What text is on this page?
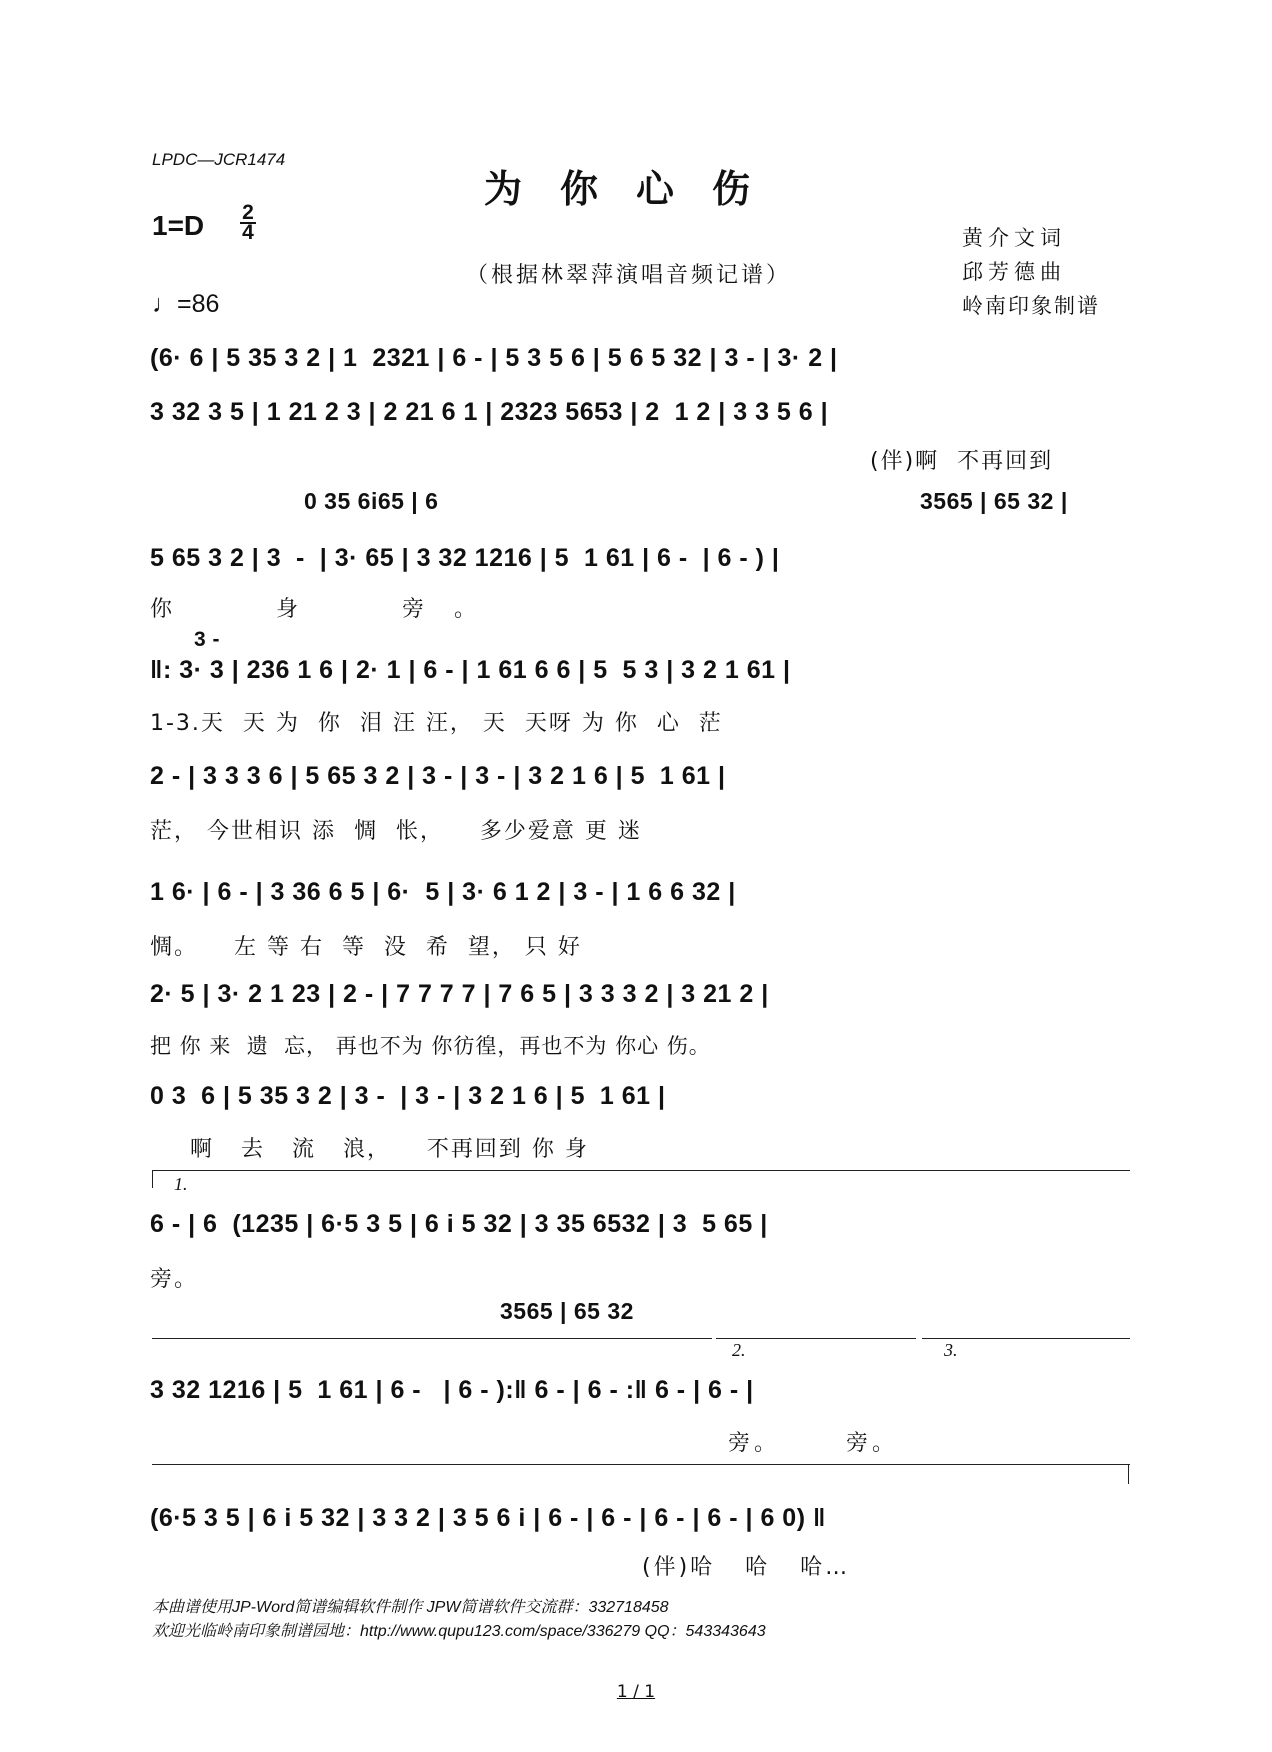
LPDC—JCR1474
为你心伤
1=D 2
4
♩=86
（根据林翠萍演唱音频记谱）
黄介文词
邱芳德曲
岭南印象制谱
(6· 6 | 5 35 3 2 | 1  2321 | 6 - | 5 3 5 6 | 5 6 5 32 | 3 - | 3· 2 |
3 32 3 5 | 1 21 2 3 | 2 21 6 1 | 2323 5653 | 2  1 2 | 3 3 5 6 |
(伴)啊  不再回到
0 35 6i65 | 6	3565 | 65 32 |
5 65 3 2 | 3  -  | 3· 65 | 3 32 1216 | 5  1 61 | 6 -  | 6 - ) |
你  身  旁。
3 -
‖: 3· 3 | 236 1 6 | 2· 1 | 6 - | 1 61 6 6 | 5  5 3 | 3 2 1 61 |
1-3.天  天 为  你  泪 汪 汪， 天  天呀 为 你  心  茫
2 - | 3 3 3 6 | 5 65 3 2 | 3 - | 3 - | 3 2 1 6 | 5  1 61 |
茫， 今世相识 添  惆  怅，    多少爱意 更 迷
1 6· | 6 - | 3 36 6 5 | 6·  5 | 3· 6 1 2 | 3 - | 1 6 6 32 |
惆。    左 等 右  等  没  希  望， 只 好
2· 5 | 3· 2 1 23 | 2 - | 7 7 7 7 | 7 6 5 | 3 3 3 2 | 3 21 2 |
把 你 来  遗  忘， 再也不为 你彷徨，再也不为 你心 伤。
0 3  6 | 5 35 3 2 | 3 -  | 3 - | 3 2 1 6 | 5  1 61 |
啊   去   流   浪，    不再回到 你 身
1.
6 - | 6  (1235 | 6·5 3 5 | 6 i 5 32 | 3 35 6532 | 3  5 65 |
旁。
3565 | 65 32
2.	3.
3 32 1216 | 5  1 61 | 6 -   | 6 - ):‖ 6 - | 6 - :‖ 6 - | 6 - |
旁。      旁。
(6·5 3 5 | 6 i 5 32 | 3 3 2 | 3 5 6 i | 6 - | 6 - | 6 - | 6 - | 6 0) ‖
(伴)哈   哈   哈…
本曲谱使用JP-Word简谱编辑软件制作 JPW简谱软件交流群：332718458
欢迎光临岭南印象制谱园地：http://www.qupu123.com/space/336279 QQ：543343643
1 / 1
